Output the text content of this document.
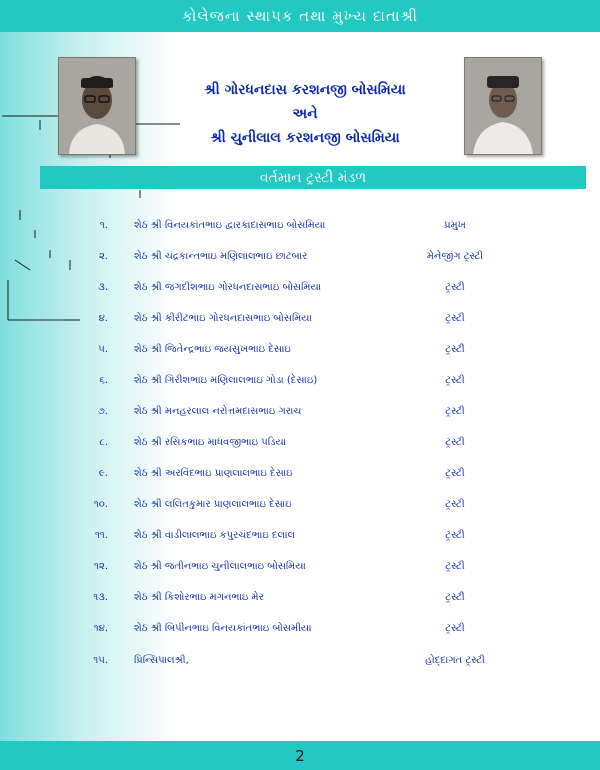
કોલેજના સ્થાપક તથા મુખ્ય દાતાશ્રી
શ્રી ગોરધનદાસ કરશનજી બોસમિયા
અને
શ્રી ચુનીલાલ કરશનજી બોસમિયા
વર્તમાન ટ્રસ્ટી મંડળ
૧.	શેઠ શ્રી વિનયકાંતભાઇ દ્વારકાદાસભાઇ બોસમિયા	પ્રમુખ
૨.	શેઠ શ્રી ચંદ્રકાન્તભાઇ મણિલાલભાઇ છાટબાર	મેનેજીંગ ટ્રસ્ટી
૩.	શેઠ શ્રી જગદીશભાઇ ગોરધનદાસભાઇ બોસમિયા	ટ્રસ્ટી
૪.	શેઠ શ્રી કીરીટભાઇ ગોરધનદાસભાઇ બોસમિયા	ટ્રસ્ટી
૫.	શેઠ શ્રી જિતેન્દ્રભાઇ જયસુખભાઇ દેસાઇ	ટ્રસ્ટી
૬.	શેઠ શ્રી ગિરીશભાઇ મણિલાલભાઇ ગોડા (દેસાઇ)	ટ્રસ્ટી
૭.	શેઠ શ્રી મનહરલાલ નરોત્તમદાસભાઇ ગરાચ	ટ્રસ્ટી
૮.	શેઠ શ્રી રસિકભાઇ માધવજીભાઇ પડિયા	ટ્રસ્ટી
૯.	શેઠ શ્રી અરવિંદભાઇ પ્રાણલાલભાઇ દેસાઇ	ટ્રસ્ટી
૧૦.	શેઠ શ્રી લલિતકુમાર પ્રાણલાલભાઇ દેસાઇ	ટ્રસ્ટી
૧૧.	શેઠ શ્રી વાડીલાલભાઇ કપુરચંદભાઇ દલાલ	ટ્રસ્ટી
૧૨.	શેઠ શ્રી જતીનભાઇ ચુનીલાલભાઇ બોસમિયા	ટ્રસ્ટી
૧૩.	શેઠ શ્રી કિશોરભાઇ મગનભાઇ મેર	ટ્રસ્ટી
૧૪.	શેઠ શ્રી બિપીનભાઇ વિનયકાંતભાઇ બોસમીયા	ટ્રસ્ટી
૧૫.	પ્રિન્સિપાલશ્રી,	હોદ્દાગત ટ્રસ્ટી
2
